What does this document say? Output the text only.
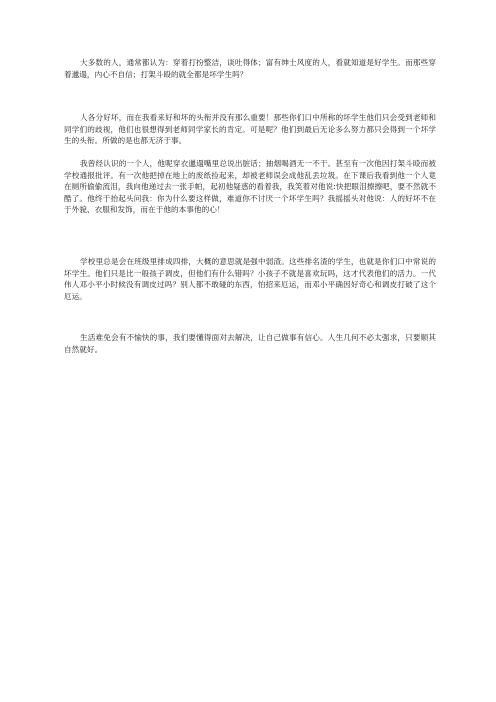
大多数的人，通常都认为：穿着打扮整洁，谈吐得体；富有绅士风度的人，看就知道是好学生。而那些穿着邋遢，内心不自信；打架斗殴的就全都是坏学生吗？

人各分好坏，而在我看来好和坏的头衔并没有那么重要！那些你们口中所称的坏学生他们只会受到老师和同学们的歧视，他们也很想得到老师同学家长的肯定。可是呢？他们到最后无论多么努力都只会得到一个坏学生的头衔。所做的是也都无济于事。

我曾经认识的一个人，他呢穿衣邋遢嘴里总说出脏话；抽烟喝酒无一不干。甚至有一次他因打架斗殴而被学校通报批评。有一次他把掉在地上的废纸捡起来，却被老师误会成他乱丢垃圾。在下课后我看到他一个人竟在厕所偷偷流泪，我向他递过去一张手帕，起初他疑惑的看着我，我笑着对他说:快把眼泪擦擦吧，要不然就不酷了。他终于抬起头问我：你为什么要这样做，难道你不讨厌一个坏学生吗？我摇摇头对他说：人的好坏不在于外貌、衣服和发饰，而在于他的本事他的心！

学校里总是会在班级里排成四排，大概的意思就是强中弱渣。这些排名渣的学生，也就是你们口中常说的坏学生。他们只是比一般孩子调皮，但他们有什么错吗？小孩子不就是喜欢玩吗，这才代表他们的活力。一代伟人邓小平小时候没有调皮过吗？别人都不敢碰的东西，怕招来厄运，而邓小平确因好奇心和调皮打破了这个厄运。

生活难免会有不愉快的事，我们要懂得面对去解决，让自己做事有信心。人生几何不必太强求，只要顺其自然就好。
